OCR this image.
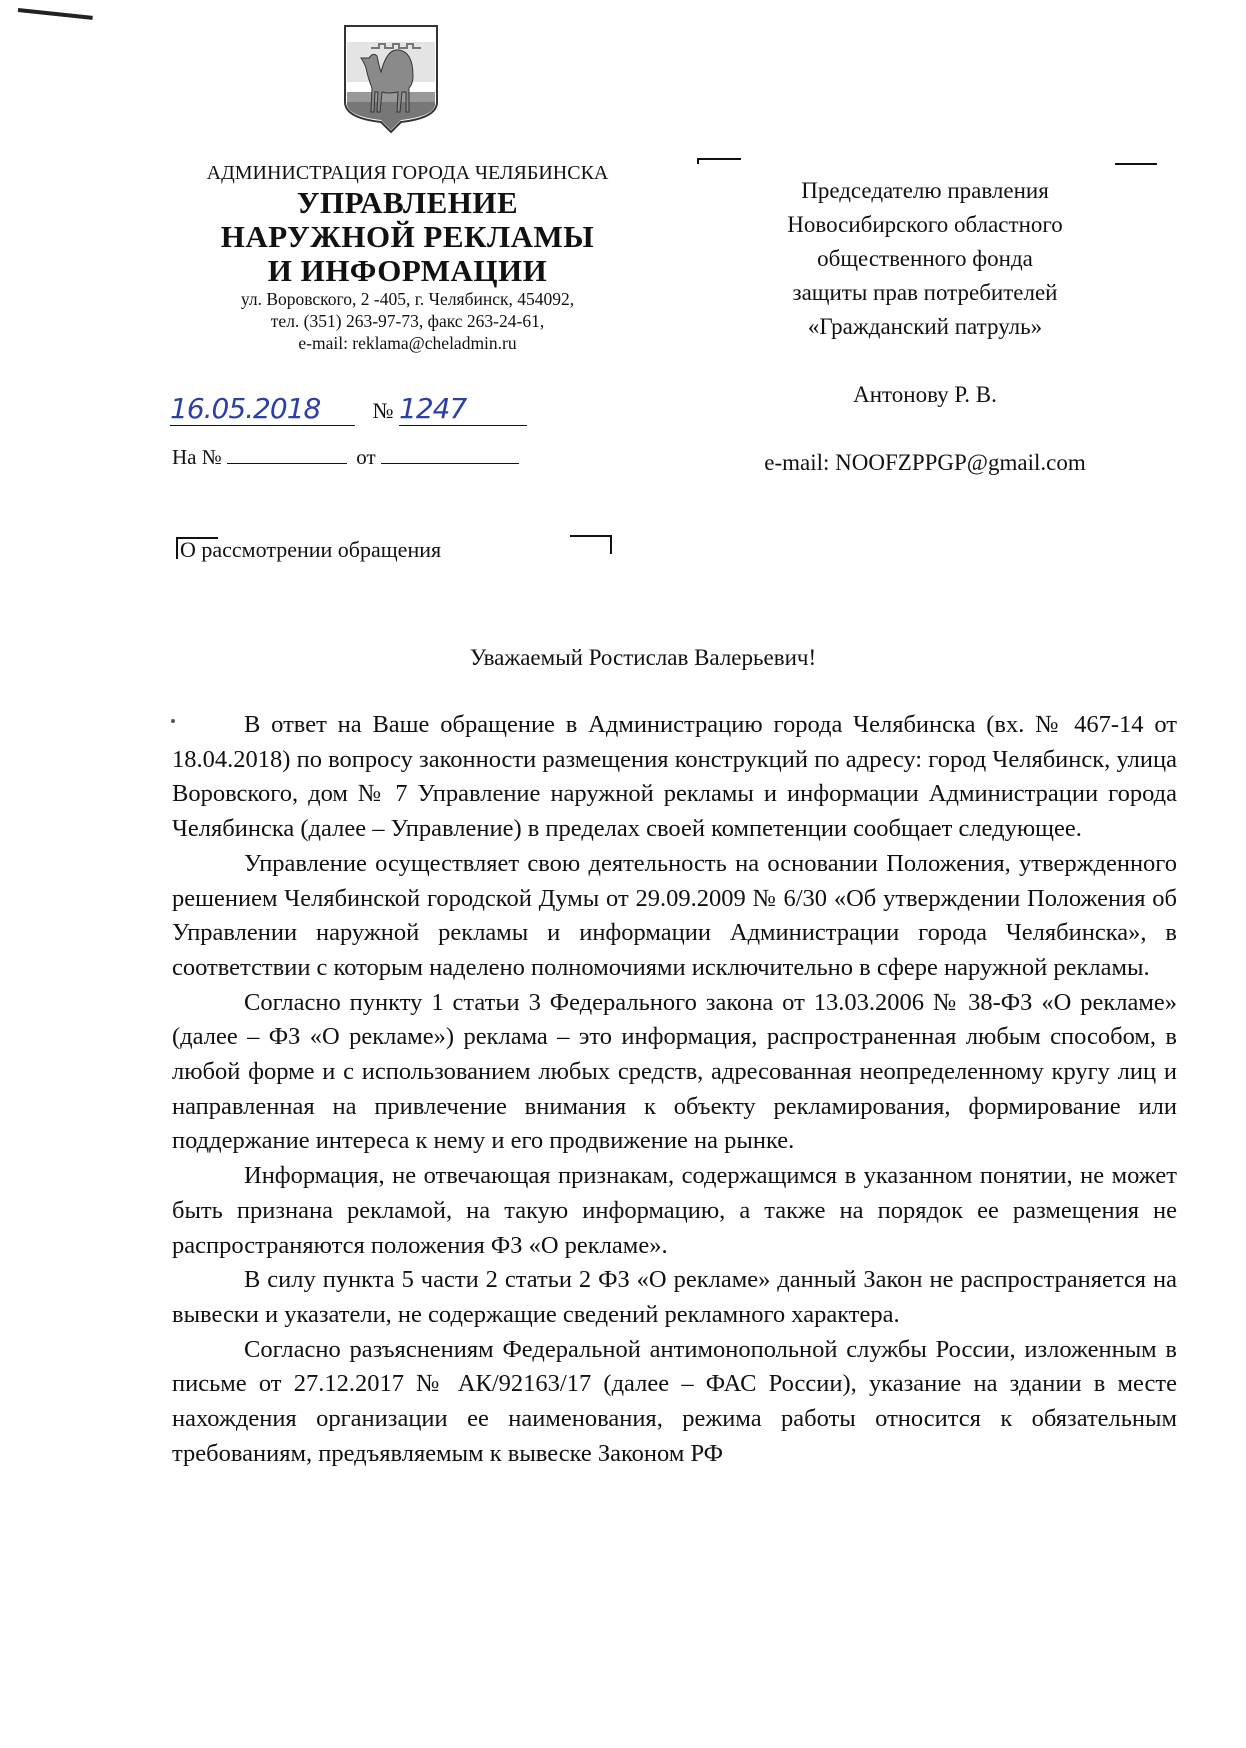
АДМИНИСТРАЦИЯ ГОРОДА ЧЕЛЯБИНСКА
УПРАВЛЕНИЕ
НАРУЖНОЙ РЕКЛАМЫ
И ИНФОРМАЦИИ
ул. Воровского, 2 -405, г. Челябинск, 454092,
тел. (351) 263-97-73, факс 263-24-61,
e-mail: reklama@cheladmin.ru
16.05.2018 № 1247
На №	от
О рассмотрении обращения
Председателю правления
Новосибирского областного
общественного фонда
защиты прав потребителей
«Гражданский патруль»
Антонову Р. В.
e-mail: NOOFZPPGP@gmail.com
Уважаемый Ростислав Валерьевич!

В ответ на Ваше обращение в Администрацию города Челябинска (вх. № 467-14 от 18.04.2018) по вопросу законности размещения конструкций по адресу: город Челябинск, улица Воровского, дом № 7 Управление наружной рекламы и информации Администрации города Челябинска (далее – Управление) в пределах своей компетенции сообщает следующее.

Управление осуществляет свою деятельность на основании Положения, утвержденного решением Челябинской городской Думы от 29.09.2009 № 6/30 «Об утверждении Положения об Управлении наружной рекламы и информации Администрации города Челябинска», в соответствии с которым наделено полномочиями исключительно в сфере наружной рекламы.

Согласно пункту 1 статьи 3 Федерального закона от 13.03.2006 № 38-ФЗ «О рекламе» (далее – ФЗ «О рекламе») реклама – это информация, распространенная любым способом, в любой форме и с использованием любых средств, адресованная неопределенному кругу лиц и направленная на привлечение внимания к объекту рекламирования, формирование или поддержание интереса к нему и его продвижение на рынке.

Информация, не отвечающая признакам, содержащимся в указанном понятии, не может быть признана рекламой, на такую информацию, а также на порядок ее размещения не распространяются положения ФЗ «О рекламе».

В силу пункта 5 части 2 статьи 2 ФЗ «О рекламе» данный Закон не распространяется на вывески и указатели, не содержащие сведений рекламного характера.

Согласно разъяснениям Федеральной антимонопольной службы России, изложенным в письме от 27.12.2017 № АК/92163/17 (далее – ФАС России), указание на здании в месте нахождения организации ее наименования, режима работы относится к обязательным требованиям, предъявляемым к вывеске Законом РФ
